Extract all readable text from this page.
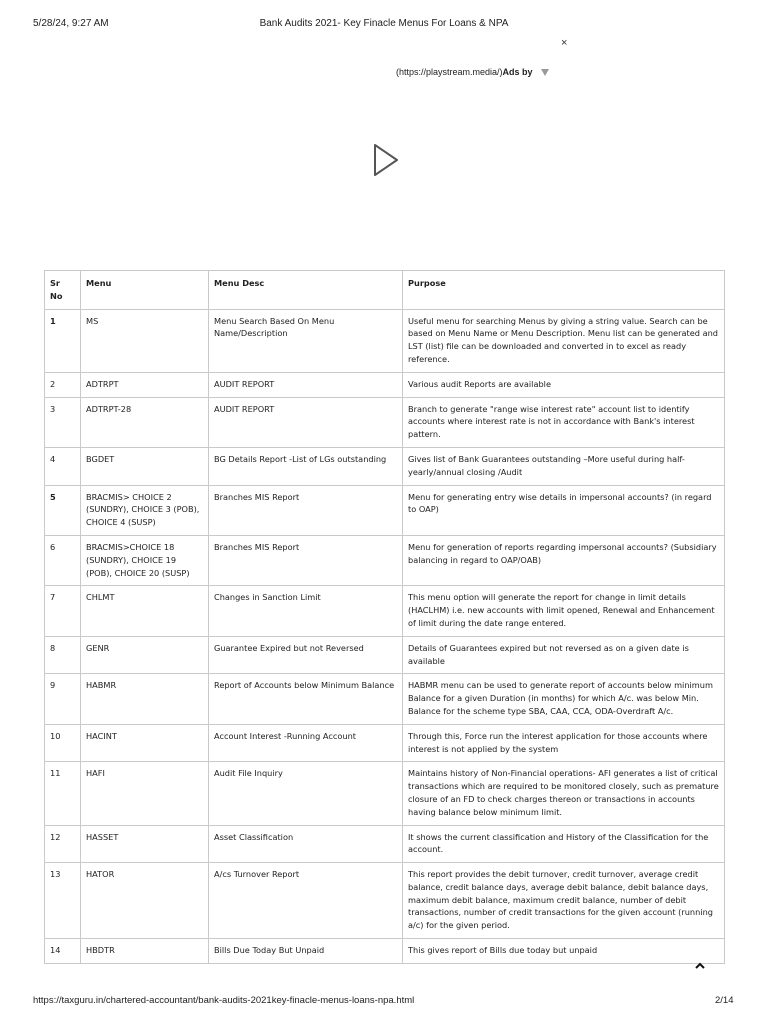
5/28/24, 9:27 AM	Bank Audits 2021- Key Finacle Menus For Loans & NPA
×
(https://playstream.media/)Ads by
Sr No	Menu	Menu Desc	Purpose
1	MS	Menu Search Based On Menu Name/Description	Useful menu for searching Menus by giving a string value. Search can be based on Menu Name or Menu Description. Menu list can be generated and LST (list) file can be downloaded and converted in to excel as ready reference.
2	ADTRPT	AUDIT REPORT	Various audit Reports are available
3	ADTRPT-28	AUDIT REPORT	Branch to generate "range wise interest rate" account list to identify accounts where interest rate is not in accordance with Bank's interest pattern.
4	BGDET	BG Details Report -List of LGs outstanding	Gives list of Bank Guarantees outstanding –More useful during half-yearly/annual closing /Audit
5	BRACMIS> CHOICE 2 (SUNDRY), CHOICE 3 (POB), CHOICE 4 (SUSP)	Branches MIS Report	Menu for generating entry wise details in impersonal accounts? (in regard to OAP)
6	BRACMIS>CHOICE 18 (SUNDRY), CHOICE 19 (POB), CHOICE 20 (SUSP)	Branches MIS Report	Menu for generation of reports regarding impersonal accounts? (Subsidiary balancing in regard to OAP/OAB)
7	CHLMT	Changes in Sanction Limit	This menu option will generate the report for change in limit details (HACLHM) i.e. new accounts with limit opened, Renewal and Enhancement of limit during the date range entered.
8	GENR	Guarantee Expired but not Reversed	Details of Guarantees expired but not reversed as on a given date is available
9	HABMR	Report of Accounts below Minimum Balance	HABMR menu can be used to generate report of accounts below minimum Balance for a given Duration (in months) for which A/c. was below Min. Balance for the scheme type SBA, CAA, CCA, ODA-Overdraft A/c.
10	HACINT	Account Interest -Running Account	Through this, Force run the interest application for those accounts where interest is not applied by the system
11	HAFI	Audit File Inquiry	Maintains history of Non-Financial operations- AFI generates a list of critical transactions which are required to be monitored closely, such as premature closure of an FD to check charges thereon or transactions in accounts having balance below minimum limit.
12	HASSET	Asset Classification	It shows the current classification and History of the Classification for the account.
13	HATOR	A/cs Turnover Report	This report provides the debit turnover, credit turnover, average credit balance, credit balance days, average debit balance, debit balance days, maximum debit balance, maximum credit balance, number of debit transactions, number of credit transactions for the given account (running a/c) for the given period.
14	HBDTR	Bills Due Today But Unpaid	This gives report of Bills due today but unpaid
https://taxguru.in/chartered-accountant/bank-audits-2021key-finacle-menus-loans-npa.html	2/14
